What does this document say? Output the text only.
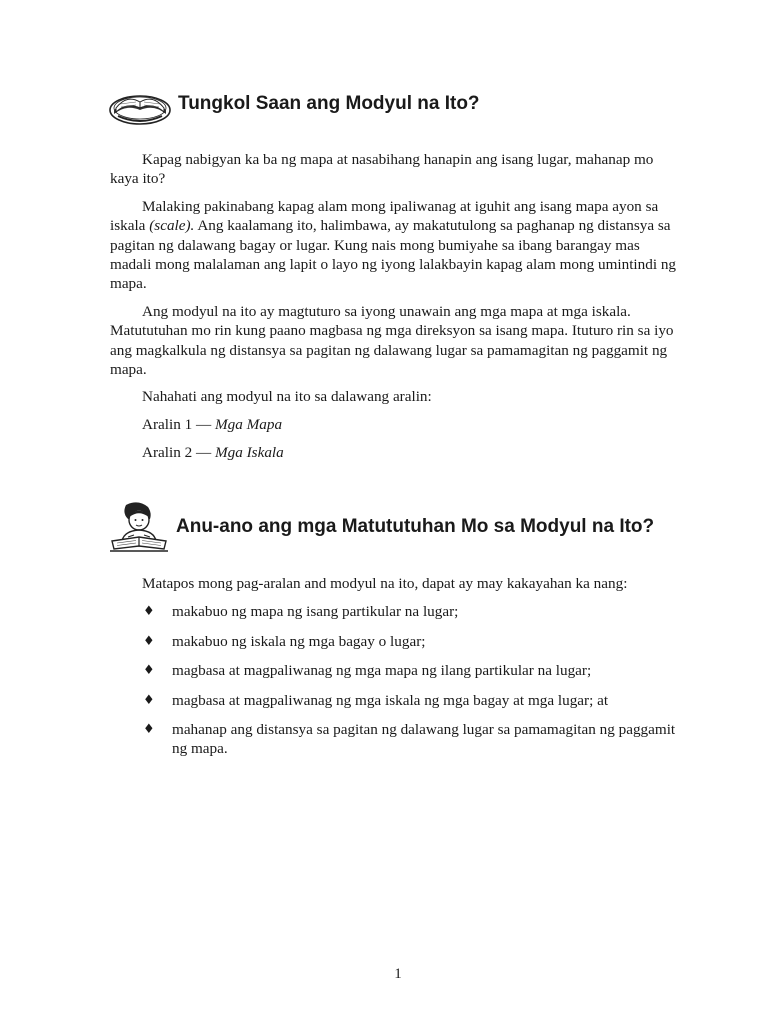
Tungkol Saan ang Modyul na Ito?

Kapag nabigyan ka ba ng mapa at nasabihang hanapin ang isang lugar, mahanap mo kaya ito?

Malaking pakinabang kapag alam mong ipaliwanag at iguhit ang isang mapa ayon sa iskala (scale). Ang kaalamang ito, halimbawa, ay makatutulong sa paghanap ng distansya sa pagitan ng dalawang bagay or lugar. Kung nais mong bumiyahe sa ibang barangay mas madali mong malalaman ang lapit o layo ng iyong lalakbayin kapag alam mong umintindi ng mapa.

Ang modyul na ito ay magtuturo sa iyong unawain ang mga mapa at mga iskala. Matututuhan mo rin kung paano magbasa ng mga direksyon sa isang mapa. Ituturo rin sa iyo ang magkalkula ng distansya sa pagitan ng dalawang lugar sa pamamagitan ng paggamit ng mapa.

Nahahati ang modyul na ito sa dalawang aralin:

Aralin 1 — Mga Mapa

Aralin 2 — Mga Iskala

Anu-ano ang mga Matututuhan Mo sa Modyul na Ito?

Matapos mong pag-aralan and modyul na ito, dapat ay may kakayahan ka nang:

♦ makabuo ng mapa ng isang partikular na lugar;
♦ makabuo ng iskala ng mga bagay o lugar;
♦ magbasa at magpaliwanag ng mga mapa ng ilang partikular na lugar;
♦ magbasa at magpaliwanag ng mga iskala ng mga bagay at mga lugar; at
♦ mahanap ang distansya sa pagitan ng dalawang lugar sa pamamagitan ng paggamit ng mapa.
1
